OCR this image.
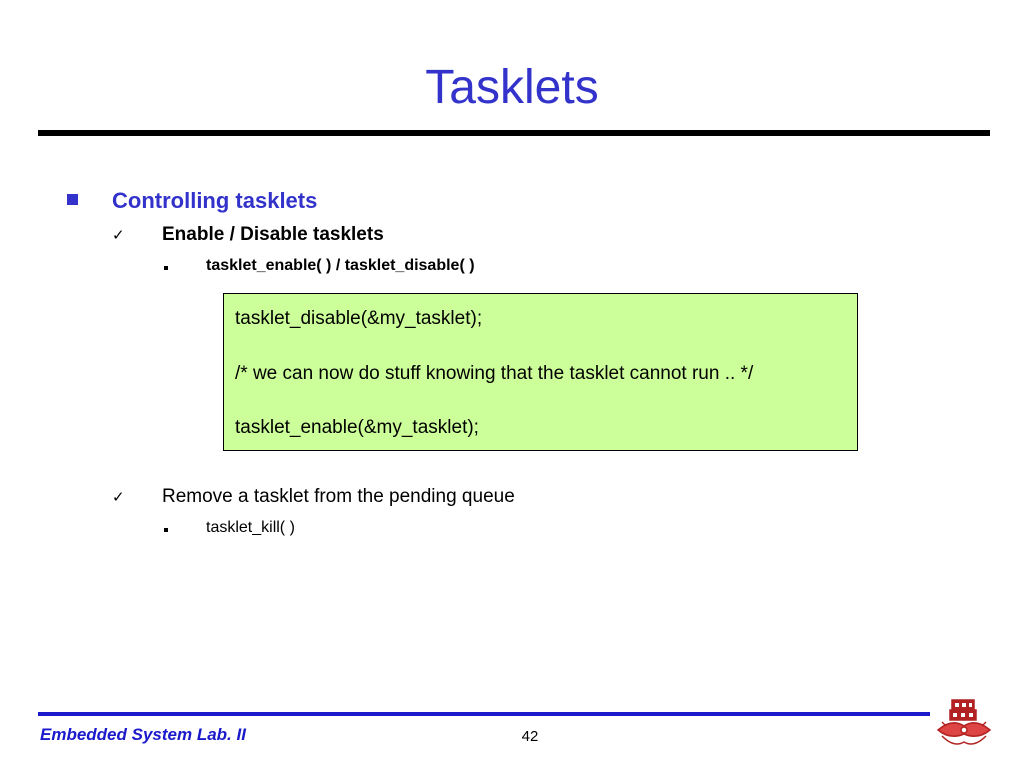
Tasklets
Controlling tasklets
✓ Enable / Disable tasklets
tasklet_enable( ) / tasklet_disable( )
tasklet_disable(&my_tasklet);
/* we can now do stuff knowing that the tasklet cannot run .. */
tasklet_enable(&my_tasklet);
✓ Remove a tasklet from the pending queue
tasklet_kill( )
Embedded System Lab. II	42
